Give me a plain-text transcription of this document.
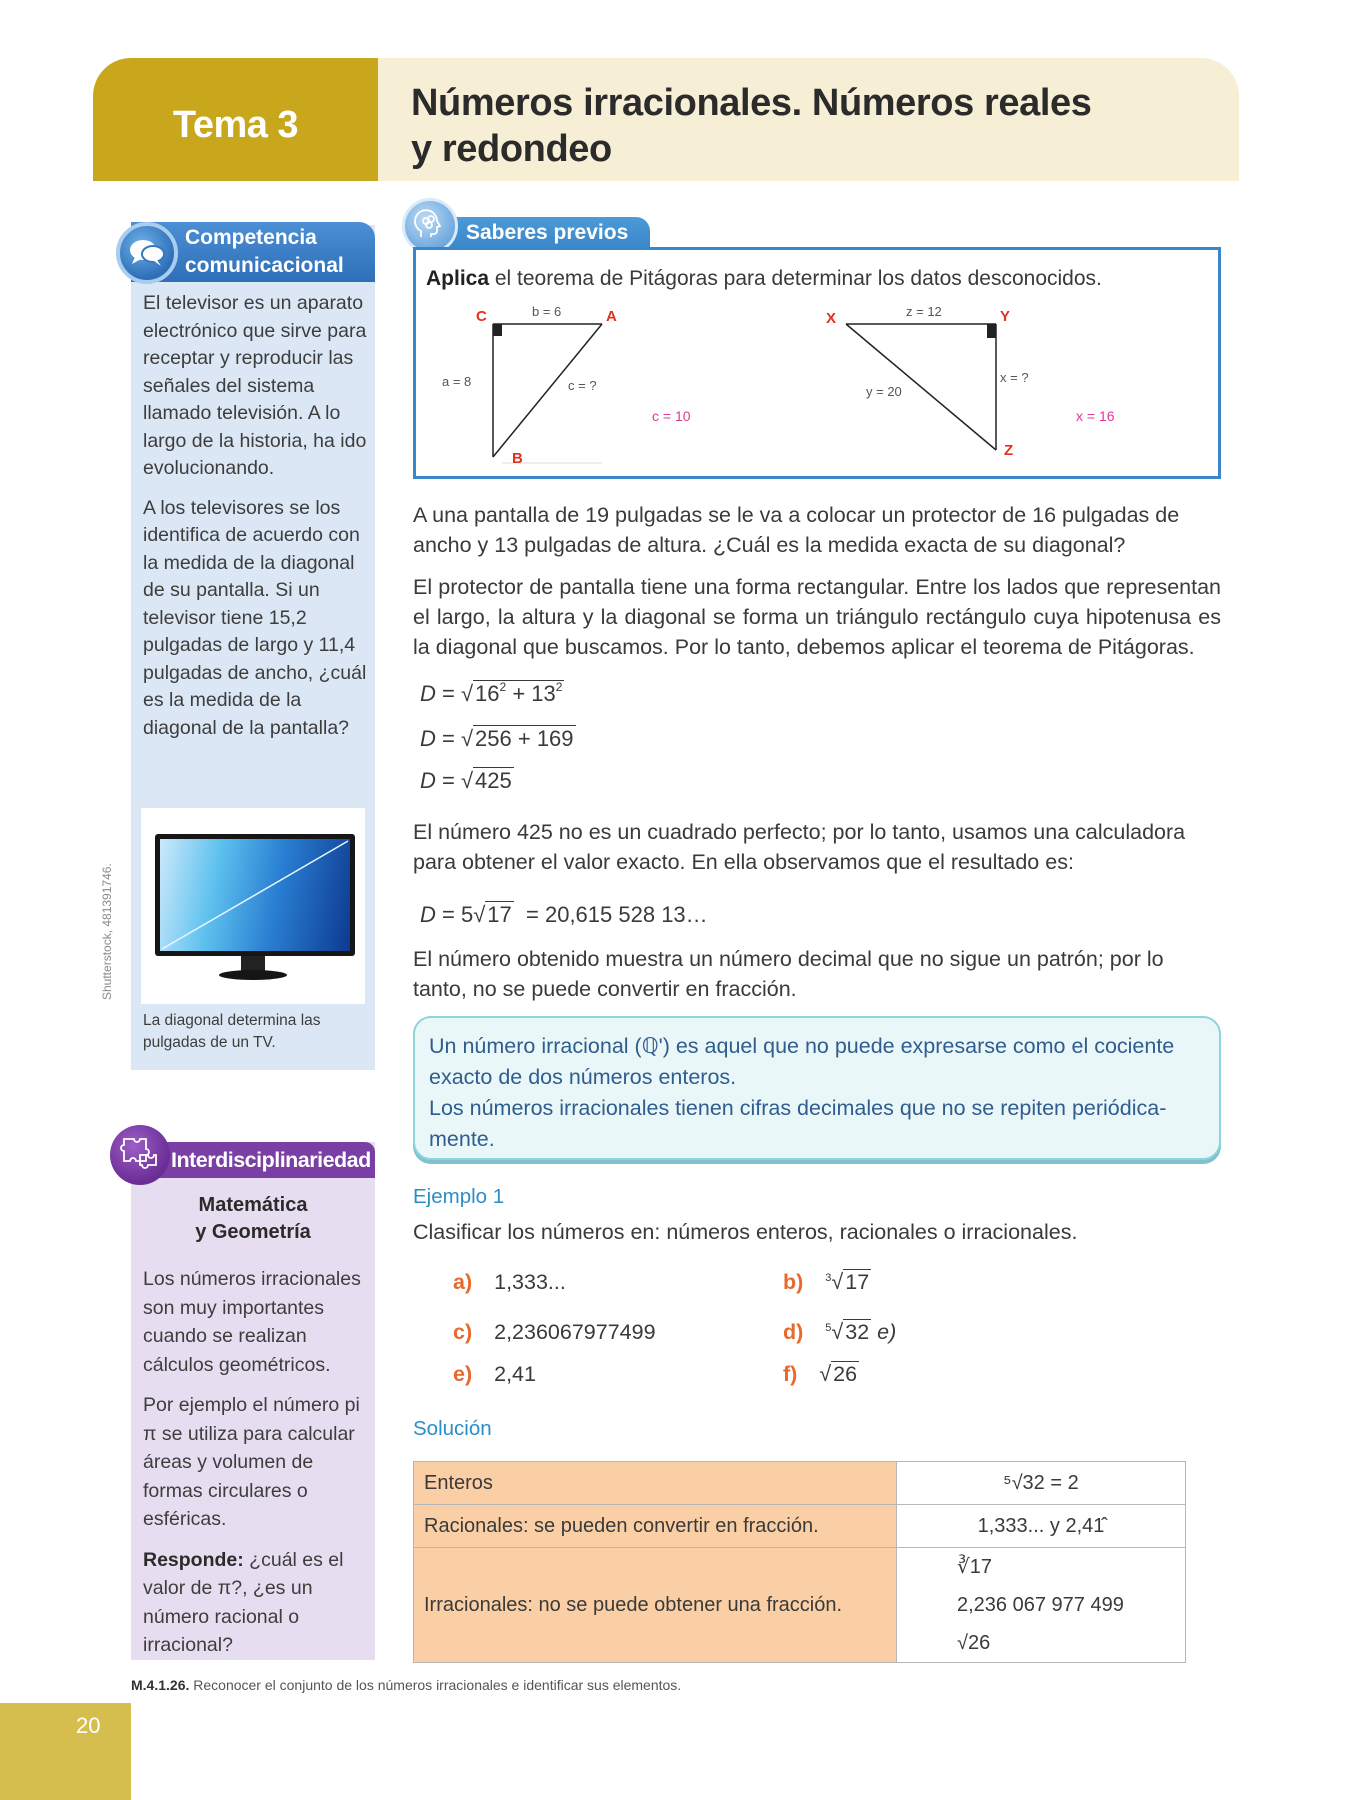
Tema 3
Números irracionales. Números reales
y redondeo
Competencia
comunicacional

El televisor es un aparato electrónico que sirve para receptar y reproducir las señales del sistema llamado televisión. A lo largo de la historia, ha ido evolucionando.

A los televisores se los identifica de acuerdo con la medida de la diagonal de su pantalla. Si un televisor tiene 15,2 pulgadas de largo y 11,4 pulgadas de ancho, ¿cuál es la medida de la diagonal de la pantalla?

La diagonal determina las pulgadas de un TV.
Shutterstock, 481391746.
Interdisciplinariedad
Matemática
y Geometría

Los números irracionales son muy importantes cuando se realizan cálculos geométricos.

Por ejemplo el número pi π se utiliza para calcular áreas y volumen de formas circulares o esféricas.

Responde: ¿cuál es el valor de π?, ¿es un número racional o irracional?

Saberes previos
Aplica el teorema de Pitágoras para determinar los datos desconocidos.
C	A
B
b = 6
a = 8	c = ?
c = 10
X	Y
Z
z = 12
y = 20
x = ?
x = 16
A una pantalla de 19 pulgadas se le va a colocar un protector de 16 pulgadas de ancho y 13 pulgadas de altura. ¿Cuál es la medida exacta de su diagonal?
El protector de pantalla tiene una forma rectangular. Entre los lados que representan el largo, la altura y la diagonal se forma un triángulo rectángulo cuya hipotenusa es la diagonal que buscamos. Por lo tanto, debemos aplicar el teorema de Pitágoras.
$D = √16^2 + 13^2$
D = √256 + 169
D = √425
El número 425 no es un cuadrado perfecto; por lo tanto, usamos una calculadora para obtener el valor exacto. En ella observamos que el resultado es:
D = 5√17 = 20,615 528 13…
El número obtenido muestra un número decimal que no sigue un patrón; por lo tanto, no se puede convertir en fracción.
Un número irracional (ℚ') es aquel que no puede expresarse como el cociente exacto de dos números enteros.
Los números irracionales tienen cifras decimales que no se repiten periódica-mente.
Ejemplo 1
Clasificar los números en: números enteros, racionales o irracionales.
a) 1,333...	b) $^3$√17
c) 2,236067977499	d) $^5$√32 e)
e) 2,41	f) √26
Solución
Enteros	⁵√32 = 2
Racionales: se pueden convertir en fracción.	1,333... y 2,41̂
Irracionales: no se puede obtener una fracción.	∛17
2,236 067 977 499
√26
M.4.1.26. Reconocer el conjunto de los números irracionales e identificar sus elementos.
20
